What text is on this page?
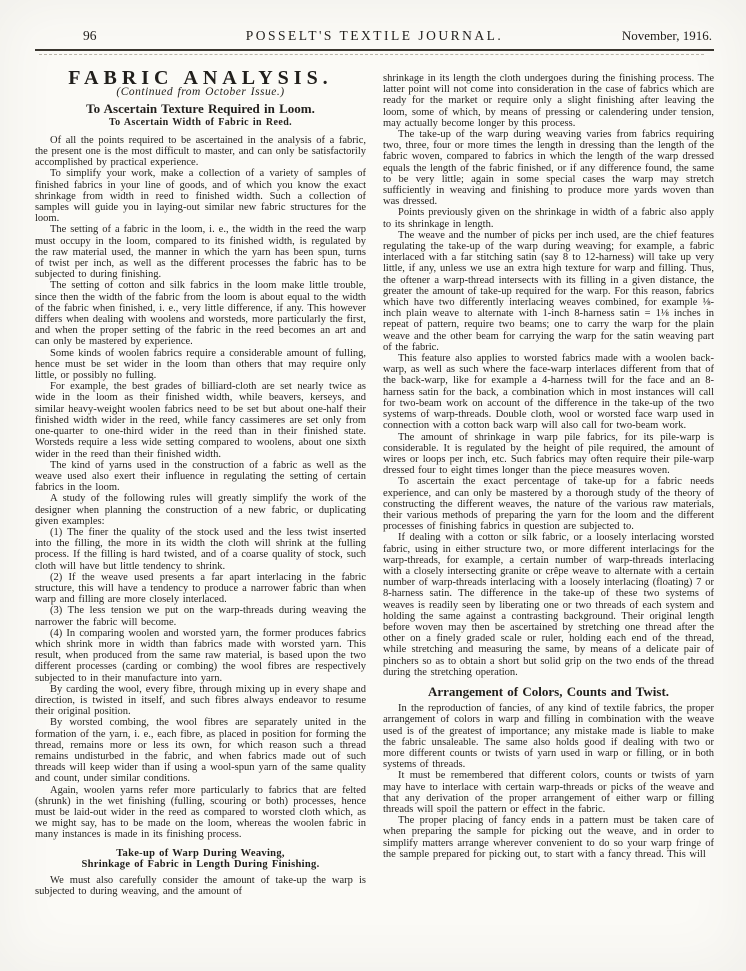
96	POSSELT'S TEXTILE JOURNAL.	November, 1916.
FABRIC ANALYSIS.
(Continued from October Issue.)
To Ascertain Texture Required in Loom.
To Ascertain Width of Fabric in Reed.

Of all the points required to be ascertained in the analysis of a fabric, the present one is the most difficult to master, and can only be satisfactorily accomplished by practical experience.

To simplify your work, make a collection of a variety of samples of finished fabrics in your line of goods, and of which you know the exact shrinkage from width in reed to finished width. Such a collection of samples will guide you in laying-out similar new fabric structures for the loom.

The setting of a fabric in the loom, i. e., the width in the reed the warp must occupy in the loom, compared to its finished width, is regulated by the raw material used, the manner in which the yarn has been spun, turns of twist per inch, as well as the different processes the fabric has to be subjected to during finishing.

The setting of cotton and silk fabrics in the loom make little trouble, since then the width of the fabric from the loom is about equal to the width of the fabric when finished, i. e., very little difference, if any. This however differs when dealing with woolens and worsteds, more particularly the first, and when the proper setting of the fabric in the reed becomes an art and can only be mastered by experience.

Some kinds of woolen fabrics require a considerable amount of fulling, hence must be set wider in the loom than others that may require only little, or possibly no fulling.

For example, the best grades of billiard-cloth are set nearly twice as wide in the loom as their finished width, while beavers, kerseys, and similar heavy-weight woolen fabrics need to be set but about one-half their finished width wider in the reed, while fancy cassimeres are set only from one-quarter to one-third wider in the reed than in their finished state. Worsteds require a less wide setting compared to woolens, about one sixth wider in the reed than their finished width.

The kind of yarns used in the construction of a fabric as well as the weave used also exert their influence in regulating the setting of certain fabrics in the loom.

A study of the following rules will greatly simplify the work of the designer when planning the construction of a new fabric, or duplicating given examples:

(1) The finer the quality of the stock used and the less twist inserted into the filling, the more in its width the cloth will shrink at the fulling process. If the filling is hard twisted, and of a coarse quality of stock, such cloth will have but little tendency to shrink.

(2) If the weave used presents a far apart interlacing in the fabric structure, this will have a tendency to produce a narrower fabric than when warp and filling are more closely interlaced.

(3) The less tension we put on the warp-threads during weaving the narrower the fabric will become.

(4) In comparing woolen and worsted yarn, the former produces fabrics which shrink more in width than fabrics made with worsted yarn. This result, when produced from the same raw material, is based upon the two different processes (carding or combing) the wool fibres are respectively subjected to in their manufacture into yarn.

By carding the wool, every fibre, through mixing up in every shape and direction, is twisted in itself, and such fibres always endeavor to resume their original position.

By worsted combing, the wool fibres are separately united in the formation of the yarn, i. e., each fibre, as placed in position for forming the thread, remains more or less its own, for which reason such a thread remains undisturbed in the fabric, and when fabrics made out of such threads will keep wider than if using a wool-spun yarn of the same quality and count, under similar conditions.

Again, woolen yarns refer more particularly to fabrics that are felted (shrunk) in the wet finishing (fulling, scouring or both) processes, hence must be laid-out wider in the reed as compared to worsted cloth which, as we might say, has to be made on the loom, whereas the woolen fabric in many instances is made in its finishing process.

Take-up of Warp During Weaving,
Shrinkage of Fabric in Length During Finishing.

We must also carefully consider the amount of take-up the warp is subjected to during weaving, and the amount of

shrinkage in its length the cloth undergoes during the finishing process. The latter point will not come into consideration in the case of fabrics which are ready for the market or require only a slight finishing after leaving the loom, some of which, by means of pressing or calendering under tension, may actually become longer by this process.

The take-up of the warp during weaving varies from fabrics requiring two, three, four or more times the length in dressing than the length of the fabric woven, compared to fabrics in which the length of the warp dressed equals the length of the fabric finished, or if any difference found, the same to be very little; again in some special cases the warp may stretch sufficiently in weaving and finishing to produce more yards woven than was dressed.

Points previously given on the shrinkage in width of a fabric also apply to its shrinkage in length.

The weave and the number of picks per inch used, are the chief features regulating the take-up of the warp during weaving; for example, a fabric interlaced with a far stitching satin (say 8 to 12-harness) will take up very little, if any, unless we use an extra high texture for warp and filling. Thus, the oftener a warp-thread intersects with its filling in a given distance, the greater the amount of take-up required for the warp. For this reason, fabrics which have two differently interlacing weaves combined, for example ⅛-inch plain weave to alternate with 1-inch 8-harness satin = 1⅛ inches in repeat of pattern, require two beams; one to carry the warp for the plain weave and the other beam for carrying the warp for the satin weaving part of the fabric.

This feature also applies to worsted fabrics made with a woolen back-warp, as well as such where the face-warp interlaces different from that of the back-warp, like for example a 4-harness twill for the face and an 8-harness satin for the back, a combination which in most instances will call for two-beam work on account of the difference in the take-up of the two systems of warp-threads. Double cloth, wool or worsted face warp used in connection with a cotton back warp will also call for two-beam work.

The amount of shrinkage in warp pile fabrics, for its pile-warp is considerable. It is regulated by the height of pile required, the amount of wires or loops per inch, etc. Such fabrics may often require their pile-warp dressed four to eight times longer than the piece measures woven.

To ascertain the exact percentage of take-up for a fabric needs experience, and can only be mastered by a thorough study of the theory of constructing the different weaves, the nature of the various raw materials, their various methods of preparing the yarn for the loom and the different processes of finishing fabrics in question are subjected to.

If dealing with a cotton or silk fabric, or a loosely interlacing worsted fabric, using in either structure two, or more different interlacings for the warp-threads, for example, a certain number of warp-threads interlacing with a closely intersecting granite or crêpe weave to alternate with a certain number of warp-threads interlacing with a loosely interlacing (floating) 7 or 8-harness satin. The difference in the take-up of these two systems of weaves is readily seen by liberating one or two threads of each system and holding the same against a contrasting background. Their original length before woven may then be ascertained by stretching one thread after the other on a finely graded scale or ruler, holding each end of the thread, while stretching and measuring the same, by means of a delicate pair of pinchers so as to obtain a short but solid grip on the two ends of the thread during the stretching operation.

Arrangement of Colors, Counts and Twist.

In the reproduction of fancies, of any kind of textile fabrics, the proper arrangement of colors in warp and filling in combination with the weave used is of the greatest of importance; any mistake made is liable to make the fabric unsaleable. The same also holds good if dealing with two or more different counts or twists of yarn used in warp or filling, or in both systems of threads.

It must be remembered that different colors, counts or twists of yarn may have to interlace with certain warp-threads or picks of the weave and that any derivation of the proper arrangement of either warp or filling threads will spoil the pattern or effect in the fabric.

The proper placing of fancy ends in a pattern must be taken care of when preparing the sample for picking out the weave, and in order to simplify matters arrange wherever convenient to do so your warp fringe of the sample prepared for picking out, to start with a fancy thread. This will
